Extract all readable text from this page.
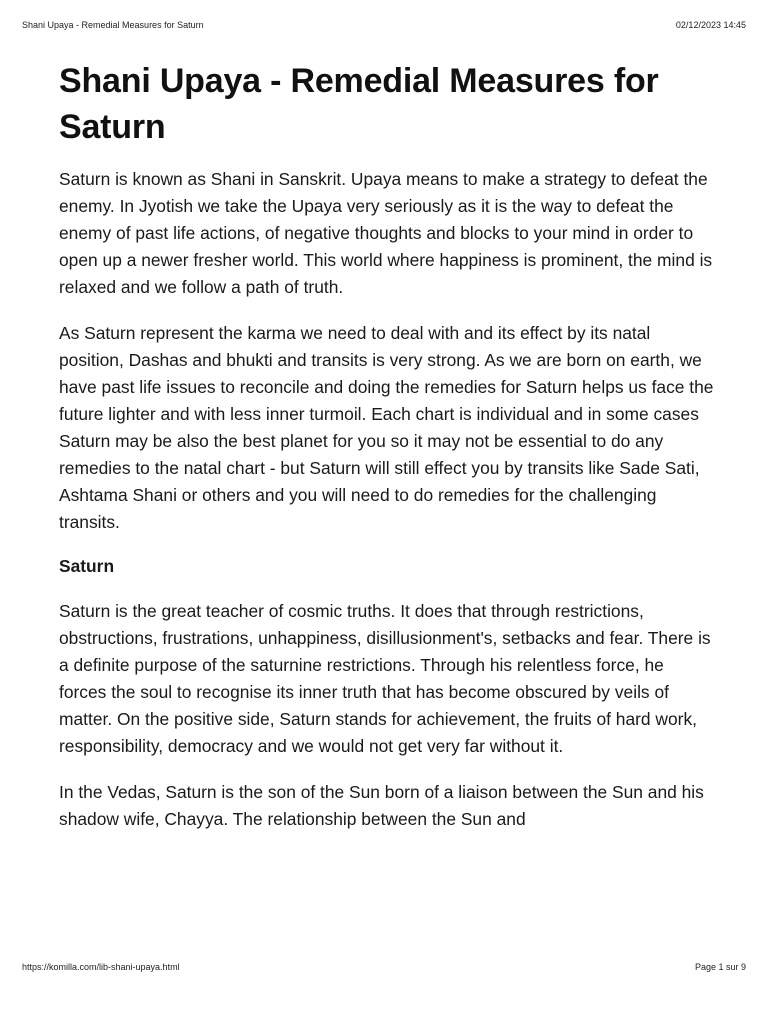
Shani Upaya - Remedial Measures for Saturn	02/12/2023 14:45
Shani Upaya - Remedial Measures for Saturn

Saturn is known as Shani in Sanskrit. Upaya means to make a strategy to defeat the enemy. In Jyotish we take the Upaya very seriously as it is the way to defeat the enemy of past life actions, of negative thoughts and blocks to your mind in order to open up a newer fresher world. This world where happiness is prominent, the mind is relaxed and we follow a path of truth.

As Saturn represent the karma we need to deal with and its effect by its natal position, Dashas and bhukti and transits is very strong. As we are born on earth, we have past life issues to reconcile and doing the remedies for Saturn helps us face the future lighter and with less inner turmoil. Each chart is individual and in some cases Saturn may be also the best planet for you so it may not be essential to do any remedies to the natal chart - but Saturn will still effect you by transits like Sade Sati, Ashtama Shani or others and you will need to do remedies for the challenging transits.

Saturn

Saturn is the great teacher of cosmic truths. It does that through restrictions, obstructions, frustrations, unhappiness, disillusionment's, setbacks and fear. There is a definite purpose of the saturnine restrictions. Through his relentless force, he forces the soul to recognise its inner truth that has become obscured by veils of matter. On the positive side, Saturn stands for achievement, the fruits of hard work, responsibility, democracy and we would not get very far without it.

In the Vedas, Saturn is the son of the Sun born of a liaison between the Sun and his shadow wife, Chayya. The relationship between the Sun and

https://komilla.com/lib-shani-upaya.html	Page 1 sur 9
